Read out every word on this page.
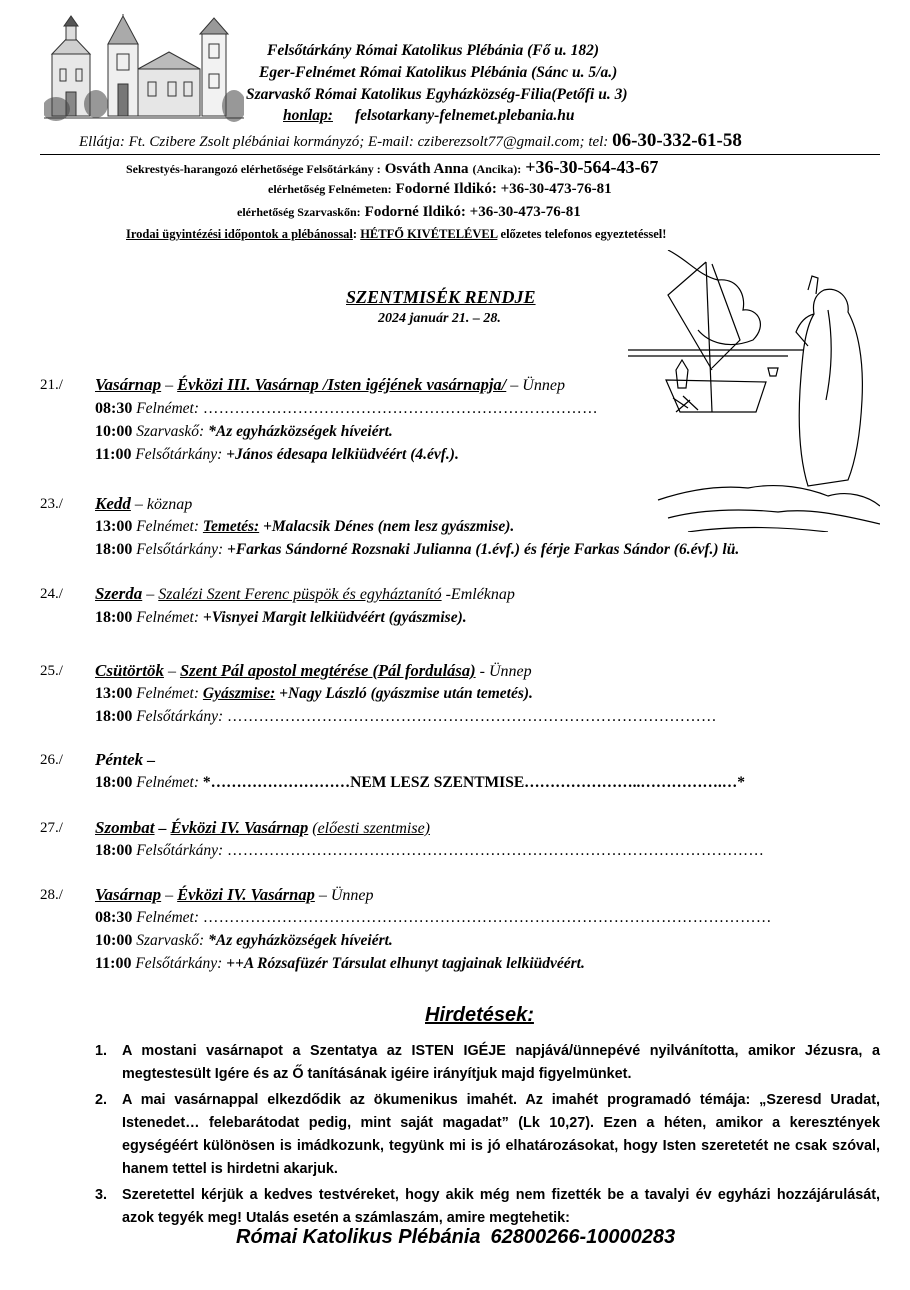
Felsőtárkány Római Katolikus Plébánia (Fő u. 182)
Eger-Felnémet Római Katolikus Plébánia (Sánc u. 5/a.)
Szarvaskő Római Katolikus Egyházközség-Filia(Petőfi u. 3)
honlap: felsotarkany-felnemet.plebania.hu
Ellátja: Ft. Czibere Zsolt plébániai kormányzó; E-mail: cziberezsolt77@gmail.com; tel: 06-30-332-61-58
Sekrestyés-harangozó elérhetősége Felsőtárkány : Osváth Anna (Ancika): +36-30-564-43-67
elérhetőség Felnémeten: Fodorné Ildikó: +36-30-473-76-81
elérhetőség Szarvaskőn: Fodorné Ildikó: +36-30-473-76-81
Irodai ügyintézési időpontok a plébánossal: HÉTFŐ KIVÉTELÉVEL előzetes telefonos egyeztetéssel!
SZENTMISÉK RENDJE
2024 január 21. – 28.
21./ Vasárnap – Évközi III. Vasárnap /Isten igéjének vasárnapja/ – Ünnep
08:30 Felnémet: …………………………………………………………………
10:00 Szarvaskő: *Az egyházközségek híveiért.
11:00 Felsőtárkány: +János édesapa lelkiüdvéért (4.évf.).
23./ Kedd – köznap
13:00 Felnémet: Temetés: +Malacsik Dénes (nem lesz gyászmise).
18:00 Felsőtárkány: +Farkas Sándorné Rozsnaki Julianna (1.évf.) és férje Farkas Sándor (6.évf.) lü.
24./ Szerda – Szalézi Szent Ferenc püspök és egyháztanító -Emléknap
18:00 Felnémet: +Visnyei Margit lelkiüdvéért (gyászmise).
25./ Csütörtök – Szent Pál apostol megtérése (Pál fordulása) - Ünnep
13:00 Felnémet: Gyászmise: +Nagy László (gyászmise után temetés).
18:00 Felsőtárkány: …………………………………………………………………………………
26./ Péntek –
18:00 Felnémet: *………………………NEM LESZ SZENTMISE…………………..…………….…*
27./ Szombat – Évközi IV. Vasárnap (előesti szentmise)
18:00 Felsőtárkány: …………………………………………………………………………………………
28./ Vasárnap – Évközi IV. Vasárnap – Ünnep
08:30 Felnémet: ………………………………………………………………………………………………
10:00 Szarvaskő: *Az egyházközségek híveiért.
11:00 Felsőtárkány: ++A Rózsafüzér Társulat elhunyt tagjainak lelkiüdvéért.
Hirdetések:
1. A mostani vasárnapot a Szentatya az ISTEN IGÉJE napjává/ünnepévé nyilvánította, amikor Jézusra, a megtestesült Igére és az Ő tanításának igéire irányítjuk majd figyelmünket.
2. A mai vasárnappal elkezdődik az ökumenikus imahét. Az imahét programadó témája: „Szeresd Uradat, Istenedet… felebarátodat pedig, mint saját magadat” (Lk 10,27). Ezen a héten, amikor a keresztények egységéért különösen is imádkozunk, tegyünk mi is jó elhatározásokat, hogy Isten szeretetét ne csak szóval, hanem tettel is hirdetni akarjuk.
3. Szeretettel kérjük a kedves testvéreket, hogy akik még nem fizették be a tavalyi év egyházi hozzájárulását, azok tegyék meg! Utalás esetén a számlaszám, amire megtehetik:
Római Katolikus Plébánia 62800266-10000283
